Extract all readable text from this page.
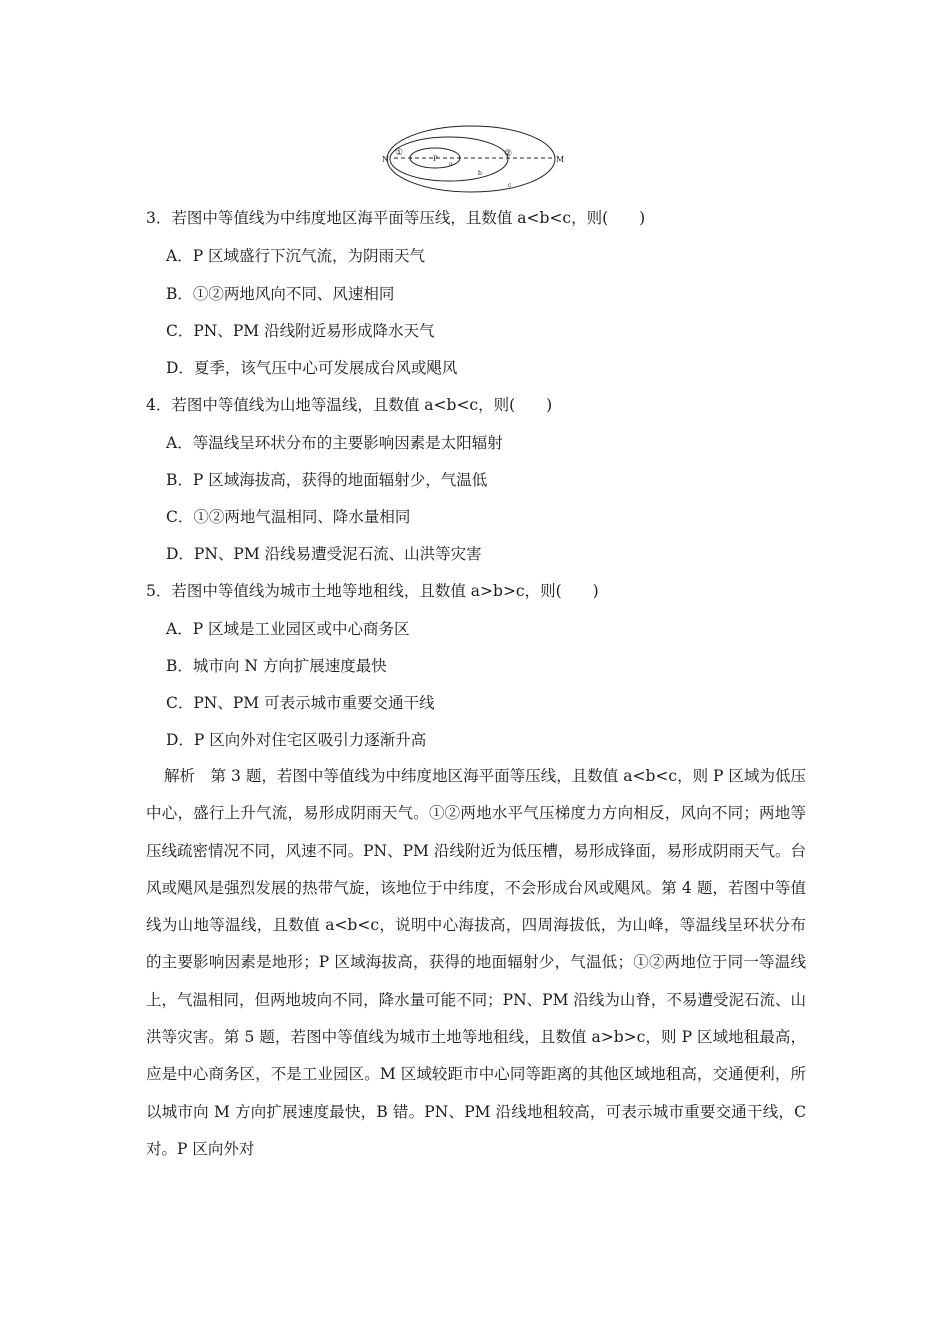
N	M
①	②
P
a
b
c
3．若图中等值线为中纬度地区海平面等压线，且数值 a<b<c，则(　　)
A．P 区域盛行下沉气流，为阴雨天气
B．①②两地风向不同、风速相同
C．PN、PM 沿线附近易形成降水天气
D．夏季，该气压中心可发展成台风或飓风
4．若图中等值线为山地等温线，且数值 a<b<c，则(　　)
A．等温线呈环状分布的主要影响因素是太阳辐射
B．P 区域海拔高，获得的地面辐射少，气温低
C．①②两地气温相同、降水量相同
D．PN、PM 沿线易遭受泥石流、山洪等灾害
5．若图中等值线为城市土地等地租线，且数值 a>b>c，则(　　)
A．P 区域是工业园区或中心商务区
B．城市向 N 方向扩展速度最快
C．PN、PM 可表示城市重要交通干线
D．P 区向外对住宅区吸引力逐渐升高
解析　第 3 题，若图中等值线为中纬度地区海平面等压线，且数值 a<b<c，则 P 区域为低压中心，盛行上升气流，易形成阴雨天气。①②两地水平气压梯度力方向相反，风向不同；两地等压线疏密情况不同，风速不同。PN、PM 沿线附近为低压槽，易形成锋面，易形成阴雨天气。台风或飓风是强烈发展的热带气旋，该地位于中纬度，不会形成台风或飓风。第 4 题，若图中等值线为山地等温线，且数值 a<b<c，说明中心海拔高，四周海拔低，为山峰，等温线呈环状分布的主要影响因素是地形；P 区域海拔高，获得的地面辐射少，气温低；①②两地位于同一等温线上，气温相同，但两地坡向不同，降水量可能不同；PN、PM 沿线为山脊，不易遭受泥石流、山洪等灾害。第 5 题，若图中等值线为城市土地等地租线，且数值 a>b>c，则 P 区域地租最高，应是中心商务区，不是工业园区。M 区域较距市中心同等距离的其他区域地租高，交通便利，所以城市向 M 方向扩展速度最快，B 错。PN、PM 沿线地租较高，可表示城市重要交通干线，C 对。P 区向外对
